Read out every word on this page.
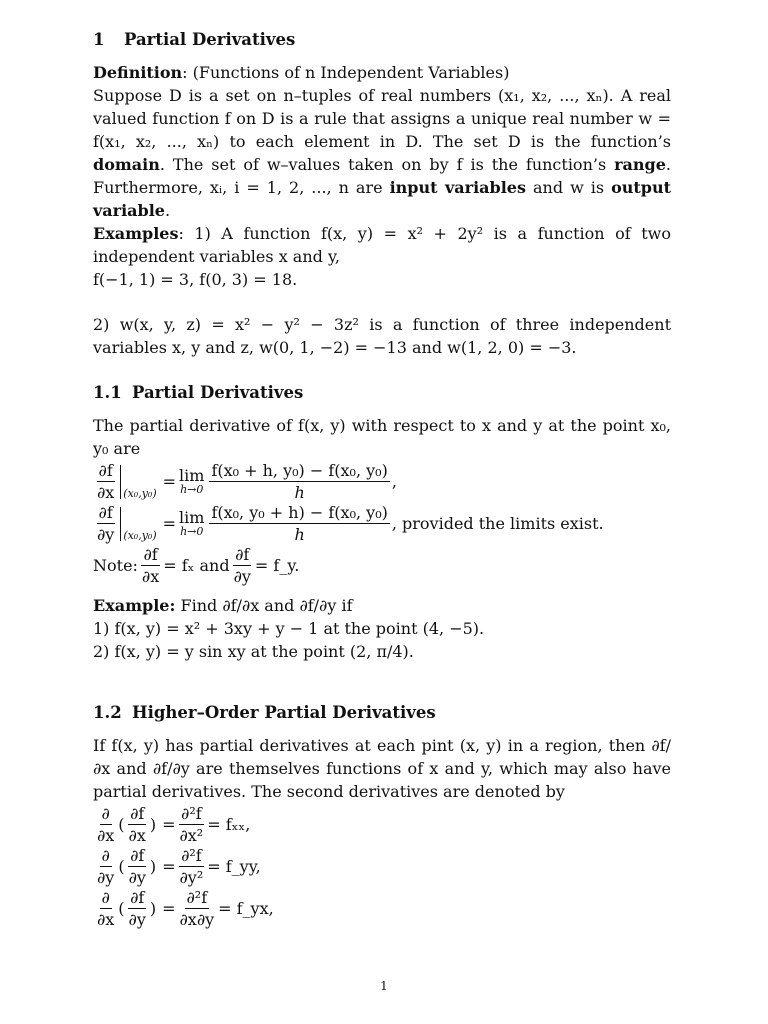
1 Partial Derivatives

Definition: (Functions of n Independent Variables)

Suppose D is a set on n–tuples of real numbers (x₁, x₂, ..., xₙ). A real valued function f on D is a rule that assigns a unique real number w = f(x₁, x₂, ..., xₙ) to each element in D. The set D is the function’s domain. The set of w–values taken on by f is the function’s range. Furthermore, xᵢ, i = 1, 2, ..., n are input variables and w is output variable.

Examples: 1) A function f(x, y) = x² + 2y² is a function of two independent variables x and y,

f(−1, 1) = 3, f(0, 3) = 18.

2) w(x, y, z) = x² − y² − 3z² is a function of three independent variables x, y and z, w(0, 1, −2) = −13 and w(1, 2, 0) = −3.

1.1 Partial Derivatives

The partial derivative of f(x, y) with respect to x and y at the point x₀, y₀ are

$\frac{\partial f}{\partial x} (x_0,y_0)$
= lim
$h\to 0 \frac{\text{f(x₀ + h, y₀) − f(x₀, y₀)}}{h}$ ,
$\frac{\partial f}{\partial y} (x_0,y_0)$
= lim
$h\to 0 \frac{\text{f(x₀, y₀ + h) − f(x₀, y₀)}}{h}$ , provided the limits exist.
Note: $\frac{\partial f}{\partial x} = f_x$ and $\frac{\partial f}{\partial y}$ = f_y.

Example: Find ∂f/∂x and ∂f/∂y if

1) f(x, y) = x² + 3xy + y − 1 at the point (4, −5).

2) f(x, y) = y sin xy at the point (2, π/4).

1.2 Higher–Order Partial Derivatives

If f(x, y) has partial derivatives at each pint (x, y) in a region, then ∂f/∂x and ∂f/∂y are themselves functions of x and y, which may also have partial derivatives. The second derivatives are denoted by

$\frac{\partial}{\partial x}$ ( $\frac{\partial f}{\partial x}$ ) = $\frac{\text{∂²f}}{\text{∂x²}} = f_{xx}$,
$\frac{\partial}{\partial y}$ ( $\frac{\partial f}{\partial y}$ ) = $\frac{\text{∂²f}}{\text{∂y²}}$ = f_yy,
$\frac{\partial}{\partial x}$ ( $\frac{\partial f}{\partial y}$ ) = $\frac{\text{∂²f}}{\partial x\partial y}$ = f_yx,
1
